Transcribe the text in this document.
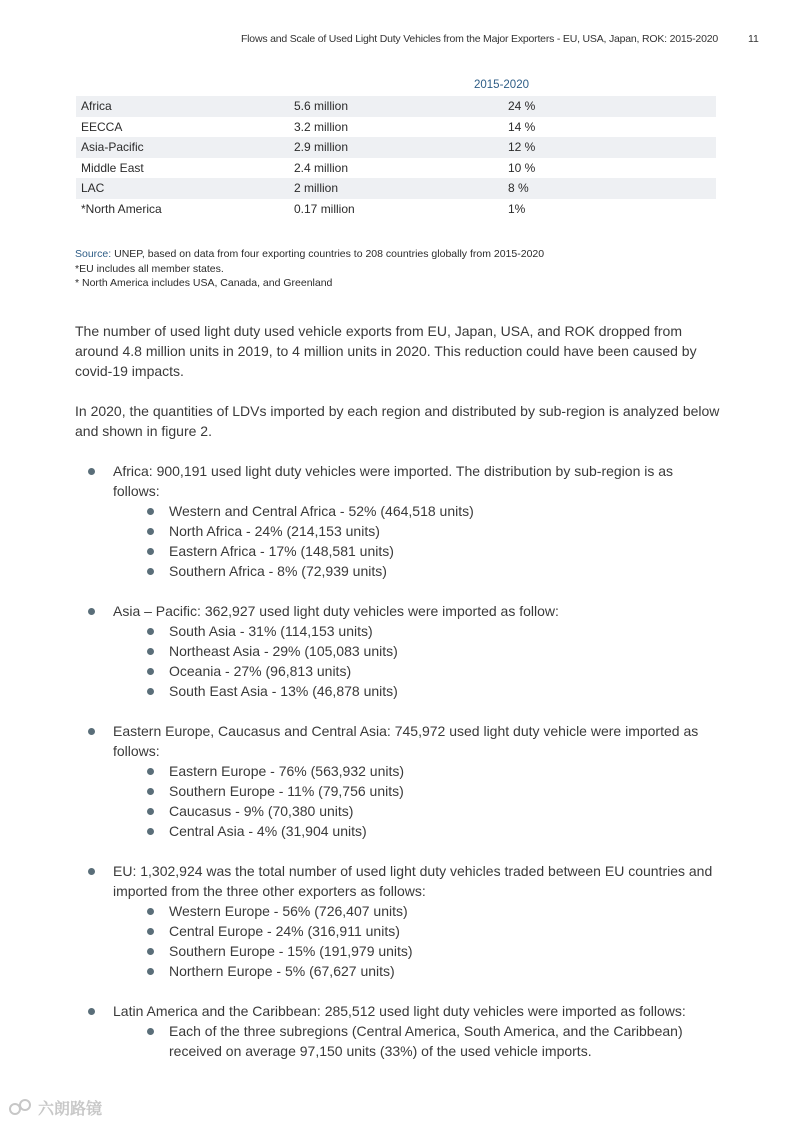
Flows and Scale of Used Light Duty Vehicles from the Major Exporters - EU, USA, Japan, ROK: 2015-2020	11
2015-2020
Africa	5.6 million	24 %
EECCA	3.2 million	14 %
Asia-Pacific	2.9 million	12 %
Middle East	2.4 million	10 %
LAC	2 million	8 %
*North America	0.17 million	1%
Source: UNEP, based on data from four exporting countries to 208 countries globally from 2015-2020
*EU includes all member states.
* North America includes USA, Canada, and Greenland

The number of used light duty used vehicle exports from EU, Japan, USA, and ROK dropped from around 4.8 million units in 2019, to 4 million units in 2020. This reduction could have been caused by covid-19 impacts.

In 2020, the quantities of LDVs imported by each region and distributed by sub-region is analyzed below and shown in figure 2.

Africa: 900,191 used light duty vehicles were imported. The distribution by sub-region is as follows:
Western and Central Africa - 52% (464,518 units)
North Africa - 24% (214,153 units)
Eastern Africa - 17% (148,581 units)
Southern Africa - 8% (72,939 units)
Asia – Pacific: 362,927 used light duty vehicles were imported as follow:
South Asia - 31% (114,153 units)
Northeast Asia - 29% (105,083 units)
Oceania - 27% (96,813 units)
South East Asia - 13% (46,878 units)
Eastern Europe, Caucasus and Central Asia: 745,972 used light duty vehicle were imported as follows:
Eastern Europe - 76% (563,932 units)
Southern Europe - 11% (79,756 units)
Caucasus - 9% (70,380 units)
Central Asia - 4% (31,904 units)
EU: 1,302,924 was the total number of used light duty vehicles traded between EU countries and imported from the three other exporters as follows:
Western Europe - 56% (726,407 units)
Central Europe - 24% (316,911 units)
Southern Europe - 15% (191,979 units)
Northern Europe - 5% (67,627 units)
Latin America and the Caribbean: 285,512 used light duty vehicles were imported as follows:
Each of the three subregions (Central America, South America, and the Caribbean) received on average 97,150 units (33%) of the used vehicle imports.
六朗路镜
